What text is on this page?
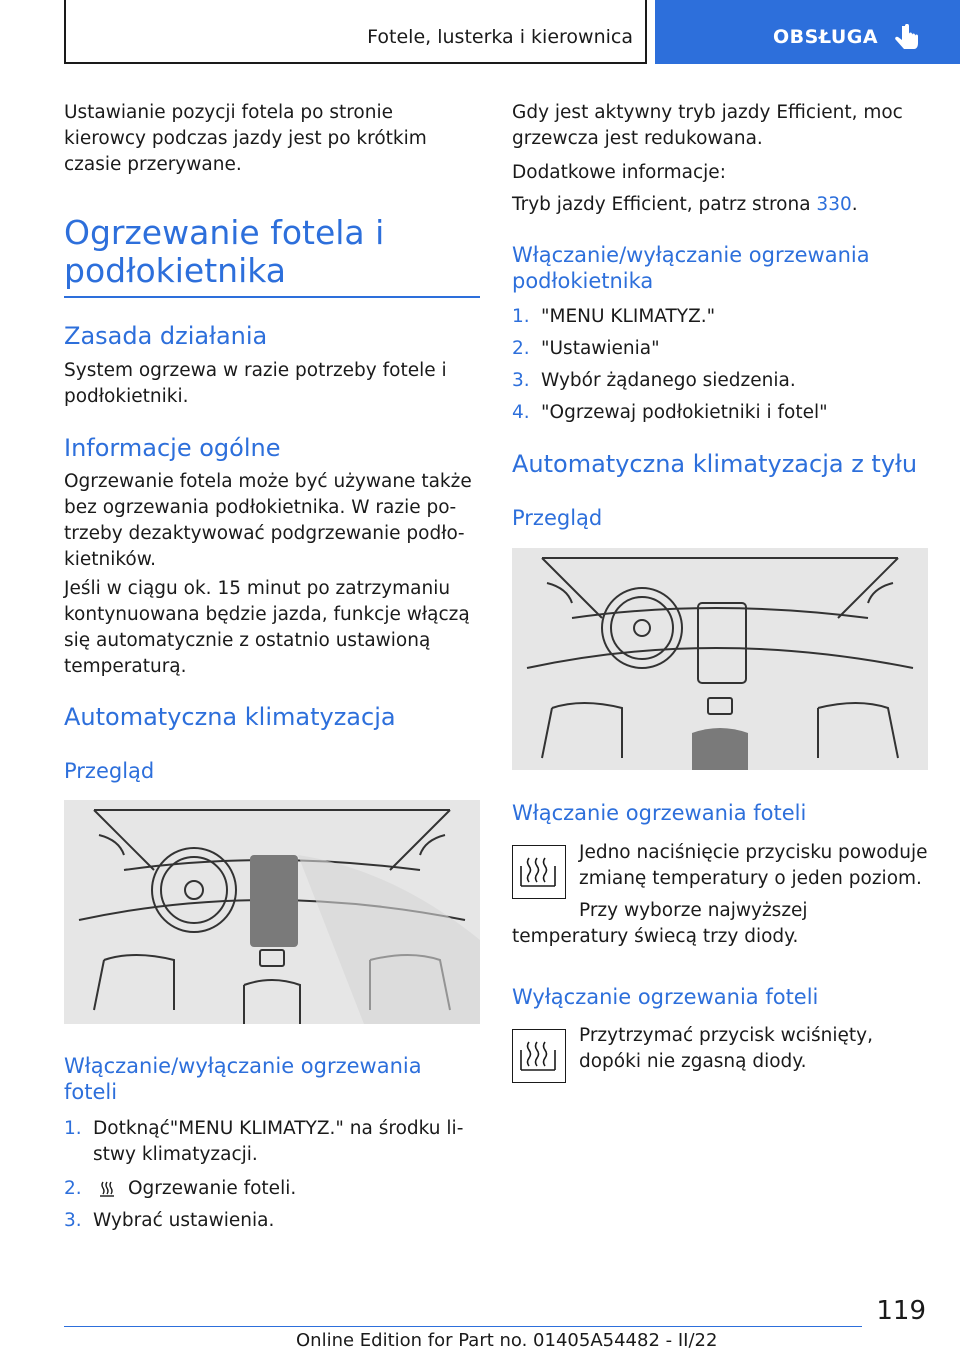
Fotele, lusterka i kierownica	OBSŁUGA

Ustawianie pozycji fotela po stronie kierowcy podczas jazdy jest po krótkim czasie przerywane.

Ogrzewanie fotela i
podłokietnika
Zasada działania

System ogrzewa w razie potrzeby fotele i podłokietniki.

Informacje ogólne

Ogrzewanie fotela może być używane także bez ogrzewania podłokietnika. W razie potrzeby dezaktywować podgrzewanie podłokietników.

Jeśli w ciągu ok. 15 minut po zatrzymaniu kontynuowana będzie jazda, funkcje włączą się automatycznie z ostatnio ustawioną temperaturą.

Automatyczna klimatyzacja
Przegląd
Włączanie/wyłączanie ogrzewania foteli
1. Dotknąć"MENU KLIMATYZ." na środku listwy klimatyzacji.
2.	Ogrzewanie foteli.
3. Wybrać ustawienia.

Gdy jest aktywny tryb jazdy Efficient, moc grzewcza jest redukowana.

Dodatkowe informacje:

Tryb jazdy Efficient, patrz strona 330.

Włączanie/wyłączanie ogrzewania podłokietnika
1. "MENU KLIMATYZ."
2. "Ustawienia"
3. Wybór żądanego siedzenia.
4. "Ogrzewaj podłokietniki i fotel"
Automatyczna klimatyzacja z tyłu
Przegląd
Włączanie ogrzewania foteli

Jedno naciśnięcie przycisku powoduje zmianę temperatury o jeden poziom.

Przy wyborze najwyższej temperatury świecą trzy diody.

Wyłączanie ogrzewania foteli

Przytrzymać przycisk wciśnięty, dopóki nie zgasną diody.

119
Online Edition for Part no. 01405A54482 - II/22
